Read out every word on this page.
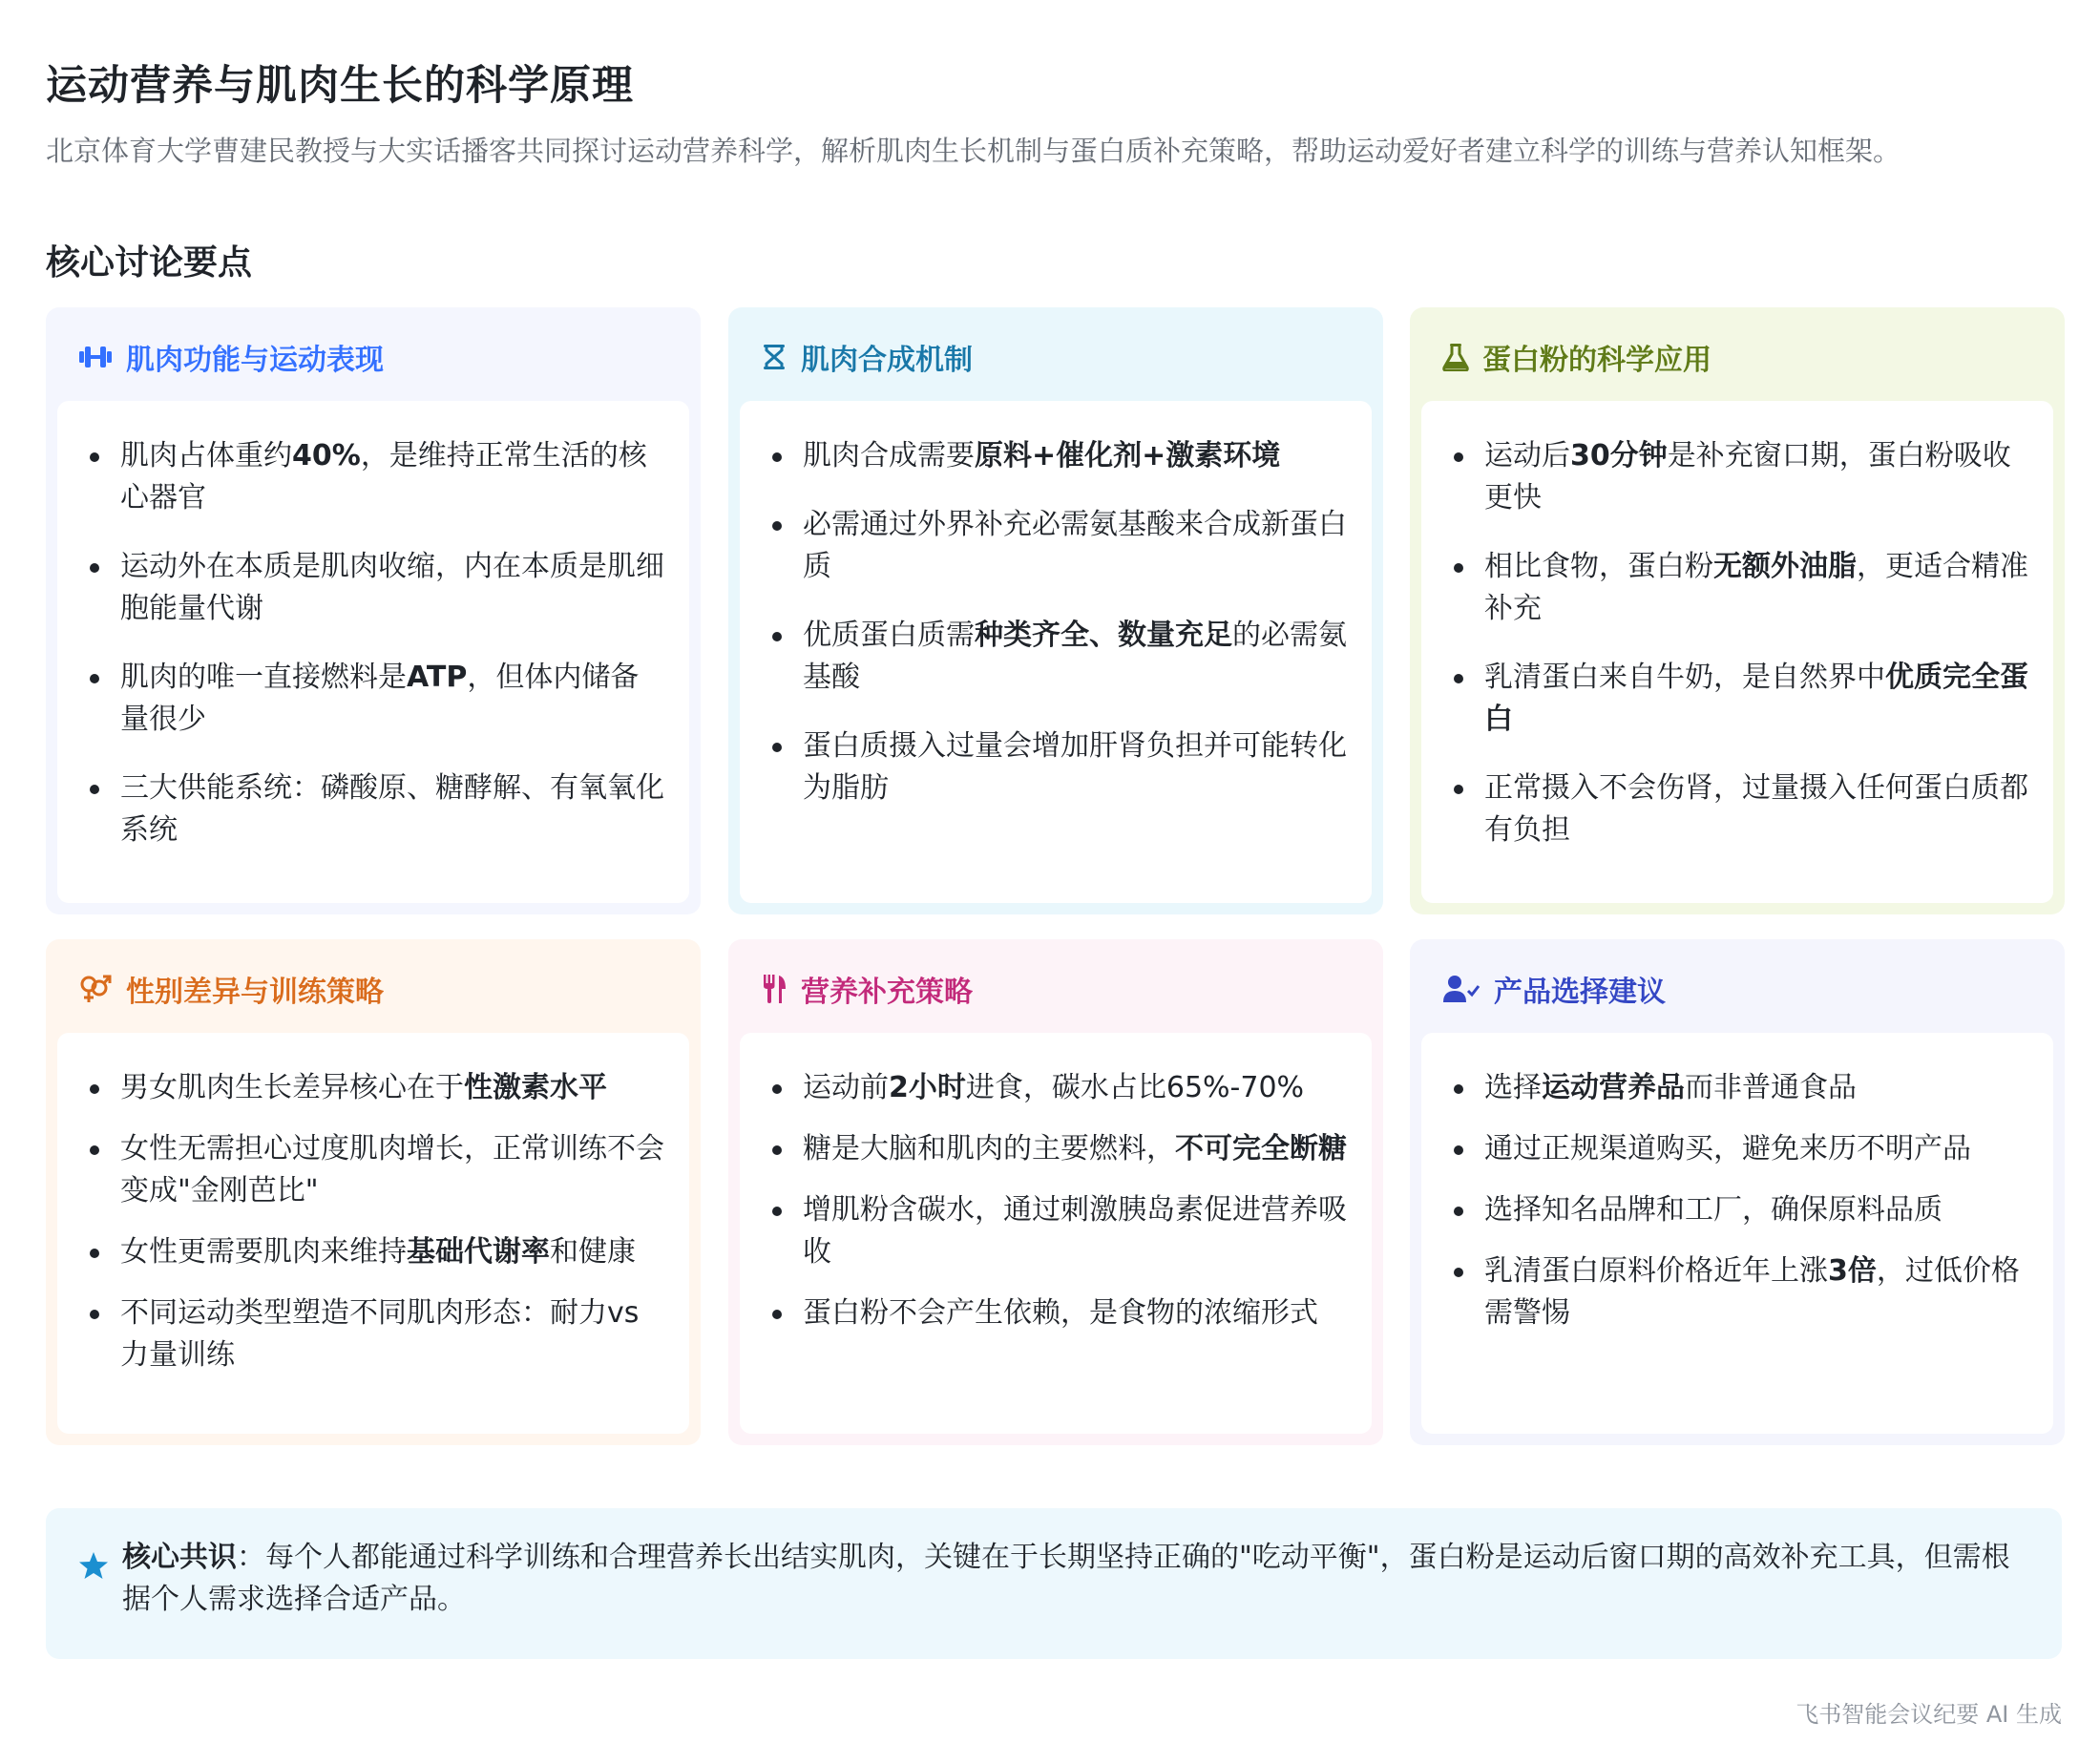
运动营养与肌肉生长的科学原理
北京体育大学曹建民教授与大实话播客共同探讨运动营养科学，解析肌肉生长机制与蛋白质补充策略，帮助运动爱好者建立科学的训练与营养认知框架。
核心讨论要点
肌肉功能与运动表现
肌肉占体重约40%，是维持正常生活的核心器官
运动外在本质是肌肉收缩，内在本质是肌细胞能量代谢
肌肉的唯一直接燃料是ATP，但体内储备量很少
三大供能系统：磷酸原、糖酵解、有氧氧化系统
肌肉合成机制
肌肉合成需要原料+催化剂+激素环境
必需通过外界补充必需氨基酸来合成新蛋白质
优质蛋白质需种类齐全、数量充足的必需氨基酸
蛋白质摄入过量会增加肝肾负担并可能转化为脂肪
蛋白粉的科学应用
运动后30分钟是补充窗口期，蛋白粉吸收更快
相比食物，蛋白粉无额外油脂，更适合精准补充
乳清蛋白来自牛奶，是自然界中优质完全蛋白
正常摄入不会伤肾，过量摄入任何蛋白质都有负担
性别差异与训练策略
男女肌肉生长差异核心在于性激素水平
女性无需担心过度肌肉增长，正常训练不会变成"金刚芭比"
女性更需要肌肉来维持基础代谢率和健康
不同运动类型塑造不同肌肉形态：耐力vs力量训练
营养补充策略
运动前2小时进食，碳水占比65%-70%
糖是大脑和肌肉的主要燃料，不可完全断糖
增肌粉含碳水，通过刺激胰岛素促进营养吸收
蛋白粉不会产生依赖，是食物的浓缩形式
产品选择建议
选择运动营养品而非普通食品
通过正规渠道购买，避免来历不明产品
选择知名品牌和工厂，确保原料品质
乳清蛋白原料价格近年上涨3倍，过低价格需警惕
核心共识：每个人都能通过科学训练和合理营养长出结实肌肉，关键在于长期坚持正确的"吃动平衡"，蛋白粉是运动后窗口期的高效补充工具，但需根据个人需求选择合适产品。
飞书智能会议纪要 AI 生成
